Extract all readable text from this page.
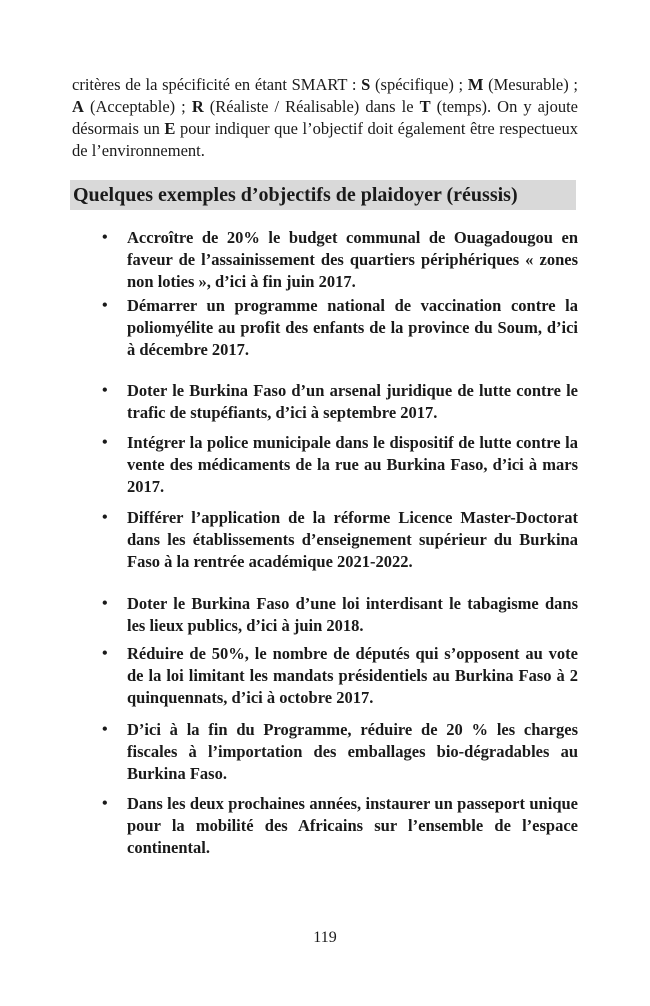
critères de la spécificité en étant SMART : S (spécifique) ; M (Mesurable) ; A (Acceptable) ; R (Réaliste / Réalisable) dans le T (temps). On y ajoute désormais un E pour indiquer que l’objectif doit également être respectueux de l’environnement.

Quelques exemples d’objectifs de plaidoyer (réussis)
• Accroître de 20% le budget communal de Ouagadougou en faveur de l’assainissement des quartiers périphériques « zones non loties », d’ici à fin juin 2017.
• Démarrer un programme national de vaccination contre la poliomyélite au profit des enfants de la province du Soum, d’ici à décembre 2017.
• Doter le Burkina Faso d’un arsenal juridique de lutte contre le trafic de stupéfiants, d’ici à septembre 2017.
• Intégrer la police municipale dans le dispositif de lutte contre la vente des médicaments de la rue au Burkina Faso, d’ici à mars 2017.
• Différer l’application de la réforme Licence Master-Doctorat dans les établissements d’enseignement supérieur du Burkina Faso à la rentrée académique 2021-2022.
• Doter le Burkina Faso d’une loi interdisant le tabagisme dans les lieux publics, d’ici à juin 2018.
• Réduire de 50%, le nombre de députés qui s’opposent au vote de la loi limitant les mandats présidentiels au Burkina Faso à 2 quinquennats, d’ici à octobre 2017.
• D’ici à la fin du Programme, réduire de 20 % les charges fiscales à l’importation des emballages bio-dégradables au Burkina Faso.
• Dans les deux prochaines années, instaurer un passeport unique pour la mobilité des Africains sur l’ensemble de l’espace continental.
119
